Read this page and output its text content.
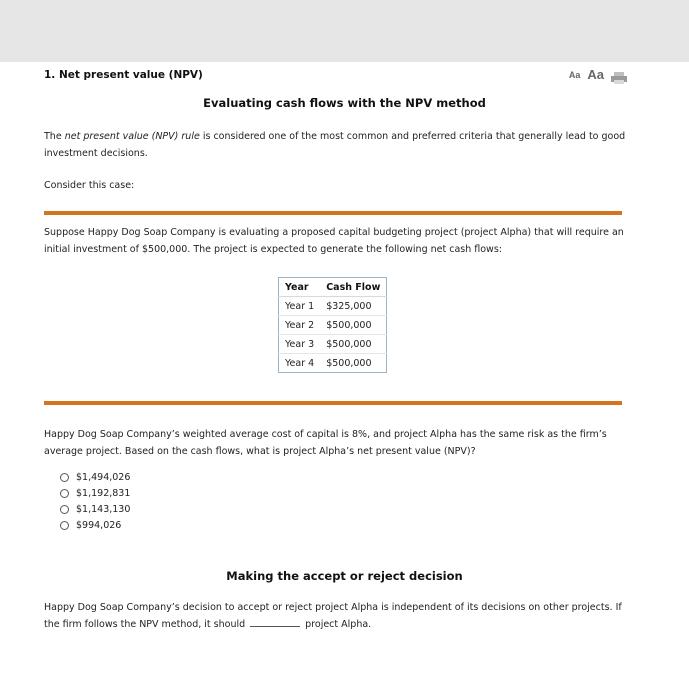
1. Net present value (NPV)	Aa Aa
Evaluating cash flows with the NPV method
The net present value (NPV) rule is considered one of the most common and preferred criteria that generally lead to good investment decisions.
Consider this case:
Suppose Happy Dog Soap Company is evaluating a proposed capital budgeting project (project Alpha) that will require an initial investment of $500,000. The project is expected to generate the following net cash flows:
Year	Cash Flow
Year 1	$325,000
Year 2	$500,000
Year 3	$500,000
Year 4	$500,000
Happy Dog Soap Company’s weighted average cost of capital is 8%, and project Alpha has the same risk as the firm’s average project. Based on the cash flows, what is project Alpha’s net present value (NPV)?
$1,494,026
$1,192,831
$1,143,130
$994,026
Making the accept or reject decision
Happy Dog Soap Company’s decision to accept or reject project Alpha is independent of its decisions on other projects. If the firm follows the NPV method, it should	project Alpha.
